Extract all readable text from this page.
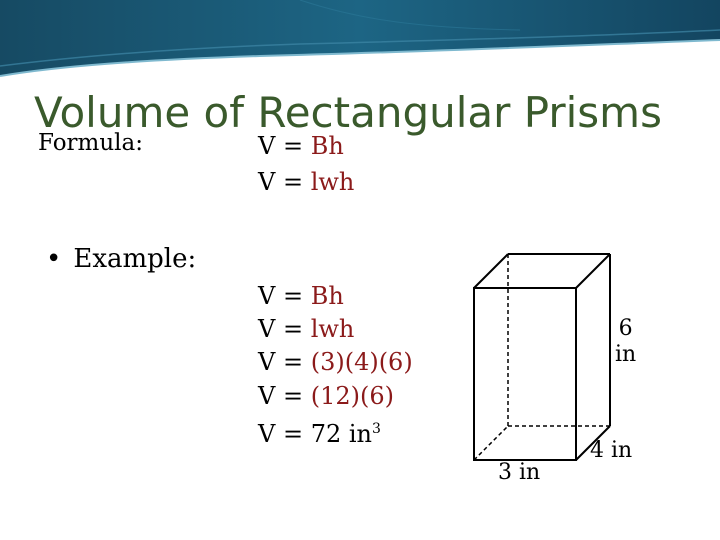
Volume of Rectangular Prisms

Formula:	V = Bh

V = lwh

• Example:

V = Bh

V = lwh

V = (3)(4)(6)

V = (12)(6)

V = 72 $in^3$

6
in
3 in
4 in
